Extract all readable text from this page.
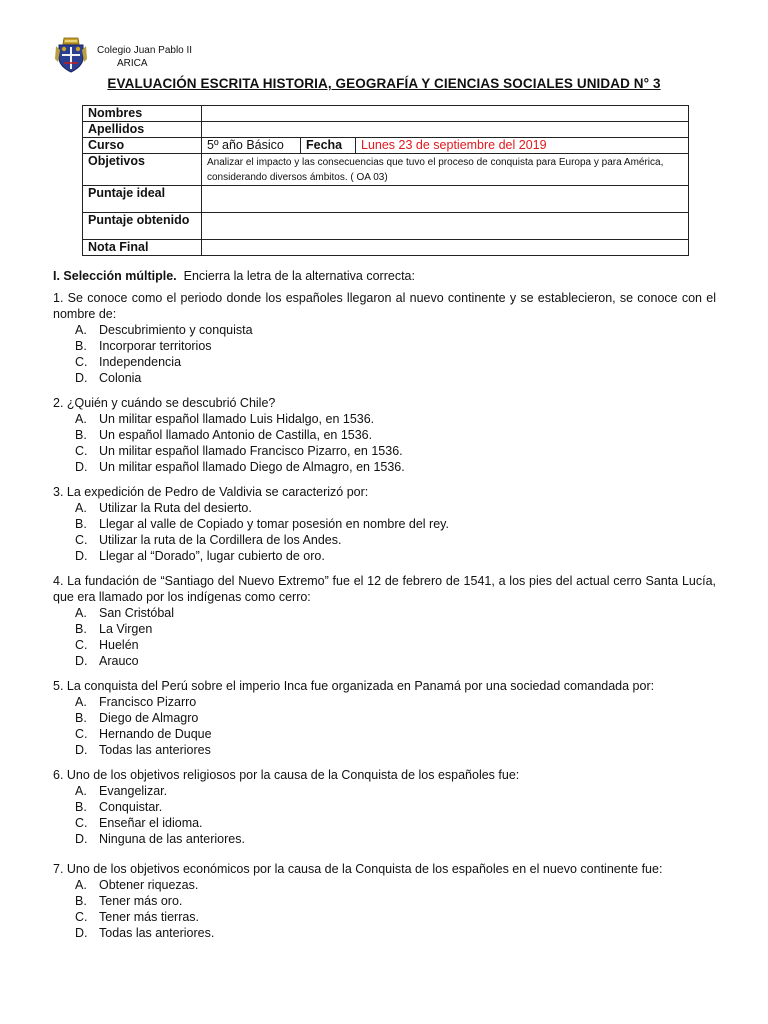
Colegio Juan Pablo II
ARICA
EVALUACIÓN ESCRITA HISTORIA, GEOGRAFÍA Y CIENCIAS SOCIALES UNIDAD N° 3
Nombres			
Apellidos			
Curso	5º año Básico	Fecha	Lunes 23 de septiembre del 2019
Objetivos	Analizar el impacto y las consecuencias que tuvo el proceso de conquista para Europa y para América, considerando diversos ámbitos. ( OA 03)		
Puntaje ideal			
Puntaje obtenido			
Nota Final			

I. Selección múltiple. Encierra la letra de la alternativa correcta:

1. Se conoce como el periodo donde los españoles llegaron al nuevo continente y se establecieron, se conoce con el nombre de:
A. Descubrimiento y conquista
B. Incorporar territorios
C. Independencia
D. Colonia
2. ¿Quién y cuándo se descubrió Chile?
A. Un militar español llamado Luis Hidalgo, en 1536.
B. Un español llamado Antonio de Castilla, en 1536.
C. Un militar español llamado Francisco Pizarro, en 1536.
D. Un militar español llamado Diego de Almagro, en 1536.
3. La expedición de Pedro de Valdivia se caracterizó por:
A. Utilizar la Ruta del desierto.
B. Llegar al valle de Copiado y tomar posesión en nombre del rey.
C. Utilizar la ruta de la Cordillera de los Andes.
D. Llegar al “Dorado”, lugar cubierto de oro.
4. La fundación de “Santiago del Nuevo Extremo” fue el 12 de febrero de 1541, a los pies del actual cerro Santa Lucía, que era llamado por los indígenas como cerro:
A. San Cristóbal
B. La Virgen
C. Huelén
D. Arauco
5. La conquista del Perú sobre el imperio Inca fue organizada en Panamá por una sociedad comandada por:
A. Francisco Pizarro
B. Diego de Almagro
C. Hernando de Duque
D. Todas las anteriores
6. Uno de los objetivos religiosos por la causa de la Conquista de los españoles fue:
A. Evangelizar.
B. Conquistar.
C. Enseñar el idioma.
D. Ninguna de las anteriores.
7. Uno de los objetivos económicos por la causa de la Conquista de los españoles en el nuevo continente fue:
A. Obtener riquezas.
B. Tener más oro.
C. Tener más tierras.
D. Todas las anteriores.
